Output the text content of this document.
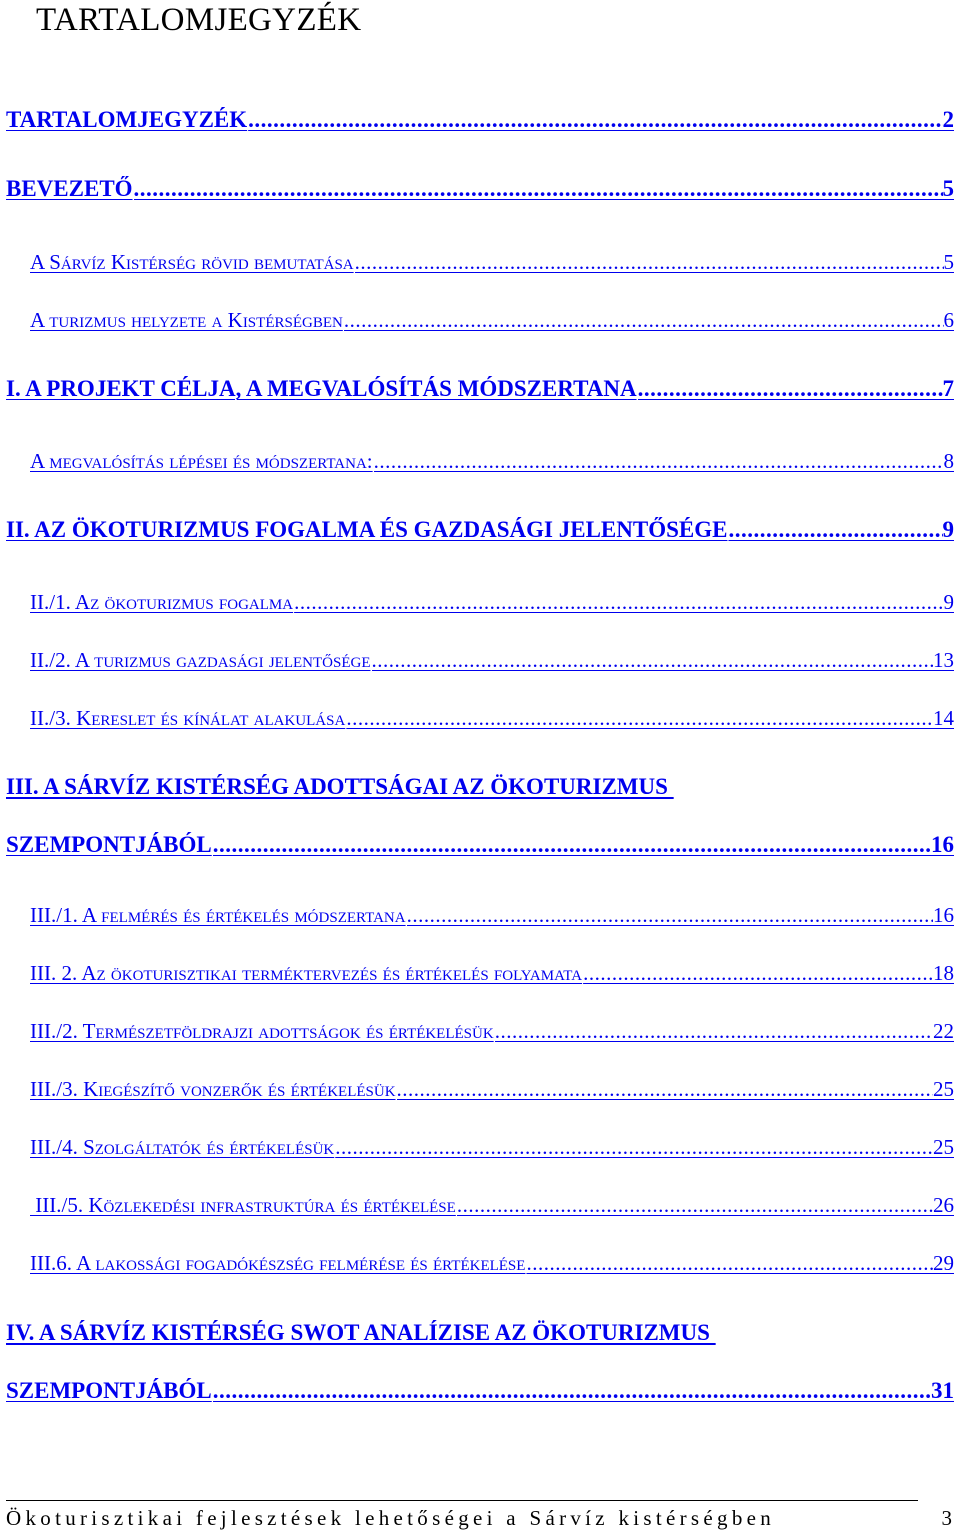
TARTALOMJEGYZÉK
TARTALOMJEGYZÉK .....	2
BEVEZETŐ .....	5
A Sárvíz Kistérség rövid bemutatása .....	5
A turizmus helyzete a Kistérségben .....	6
I. A PROJEKT CÉLJA, A MEGVALÓSÍTÁS MÓDSZERTANA .....	7
A megvalósítás lépései és módszertana: .....	8
II. AZ ÖKOTURIZMUS FOGALMA ÉS GAZDASÁGI JELENTŐSÉGE .....	9
II./1. Az ökoturizmus fogalma .....	9
II./2. A turizmus gazdasági jelentősége .....	13
II./3. Kereslet és kínálat alakulása .....	14
III. A SÁRVÍZ KISTÉRSÉG ADOTTSÁGAI AZ ÖKOTURIZMUS
SZEMPONTJÁBÓL .....	16
III./1. A felmérés és értékelés módszertana .....	16
III. 2. Az ökoturisztikai terméktervezés és értékelés folyamata .....	18
III./2. Természetföldrajzi adottságok és értékelésük .....	22
III./3. Kiegészítő vonzerők és értékelésük .....	25
III./4. Szolgáltatók és értékelésük .....	25
III./5. Közlekedési infrastruktúra és értékelése .....	26
III.6. A lakossági fogadókészség felmérése és értékelése .....	29
IV. A SÁRVÍZ KISTÉRSÉG SWOT ANALÍZISE AZ ÖKOTURIZMUS
SZEMPONTJÁBÓL .....	31
Ökoturisztikai fejlesztések lehetőségei a Sárvíz kistérségben	3
